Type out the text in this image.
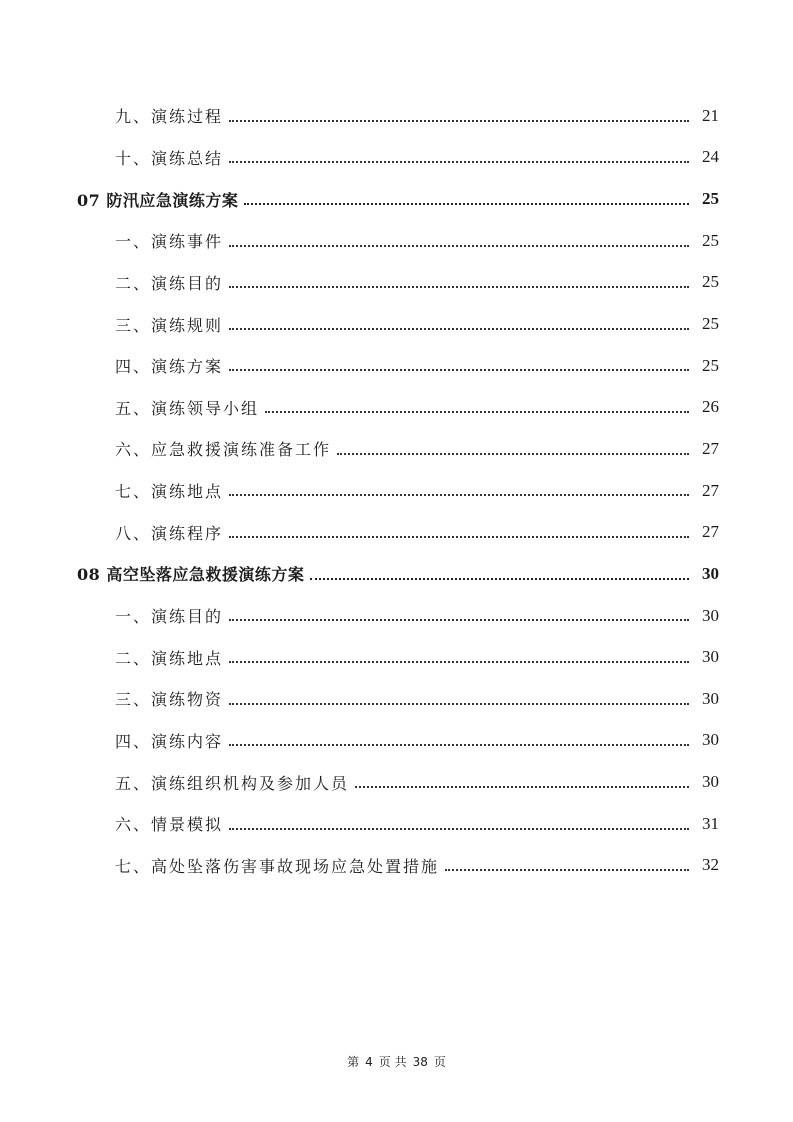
九、演练过程	21
十、演练总结	24
07 防汛应急演练方案	25
一、演练事件	25
二、演练目的	25
三、演练规则	25
四、演练方案	25
五、演练领导小组	26
六、应急救援演练准备工作	27
七、演练地点	27
八、演练程序	27
08 高空坠落应急救援演练方案	30
一、演练目的	30
二、演练地点	30
三、演练物资	30
四、演练内容	30
五、演练组织机构及参加人员	30
六、情景模拟	31
七、高处坠落伤害事故现场应急处置措施	32
第 4 页 共 38 页
